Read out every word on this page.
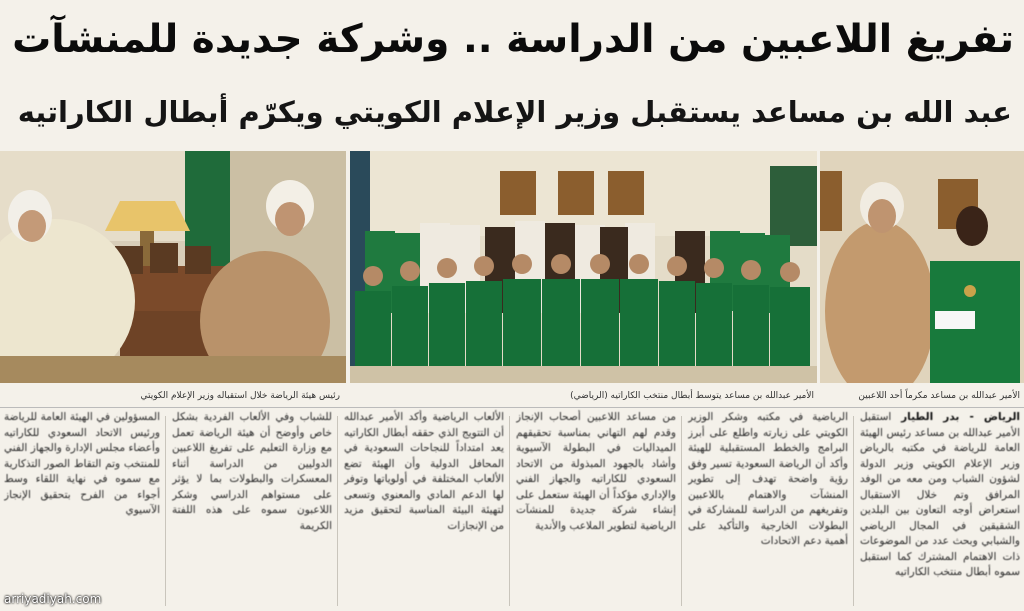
تفريغ اللاعبين من الدراسة .. وشركة جديدة للمنشآت
عبد الله بن مساعد يستقبل وزير الإعلام الكويتي ويكرّم أبطال الكاراتيه
رئيس هيئة الرياضة خلال استقباله وزير الإعلام الكويتي	الأمير عبدالله بن مساعد يتوسط أبطال منتخب الكاراتيه (الرياضي)	الأمير عبدالله بن مساعد مكرماً أحد اللاعبين
الرياض - بدر الطيار استقبل الأمير عبدالله بن مساعد رئيس الهيئة العامة للرياضة في مكتبه بالرياض وزير الإعلام الكويتي وزير الدولة لشؤون الشباب ومن معه من الوفد المرافق وتم خلال الاستقبال استعراض أوجه التعاون بين البلدين الشقيقين في المجال الرياضي والشبابي وبحث عدد من الموضوعات ذات الاهتمام المشترك كما استقبل سموه أبطال منتخب الكاراتيه
الرياضية في مكتبه وشكر الوزير الكويتي على زيارته واطلع على أبرز البرامج والخطط المستقبلية للهيئة وأكد أن الرياضة السعودية تسير وفق رؤية واضحة تهدف إلى تطوير المنشآت والاهتمام باللاعبين وتفريغهم من الدراسة للمشاركة في البطولات الخارجية والتأكيد على أهمية دعم الاتحادات
من مساعد اللاعبين أصحاب الإنجاز وقدم لهم التهاني بمناسبة تحقيقهم الميداليات في البطولة الآسيوية وأشاد بالجهود المبذولة من الاتحاد السعودي للكاراتيه والجهاز الفني والإداري مؤكداً أن الهيئة ستعمل على إنشاء شركة جديدة للمنشآت الرياضية لتطوير الملاعب والأندية
الألعاب الرياضية وأكد الأمير عبدالله أن التتويج الذي حققه أبطال الكاراتيه يعد امتداداً للنجاحات السعودية في المحافل الدولية وأن الهيئة تضع الألعاب المختلفة في أولوياتها وتوفر لها الدعم المادي والمعنوي وتسعى لتهيئة البيئة المناسبة لتحقيق مزيد من الإنجازات
للشباب وفي الألعاب الفردية بشكل خاص وأوضح أن هيئة الرياضة تعمل مع وزارة التعليم على تفريغ اللاعبين الدوليين من الدراسة أثناء المعسكرات والبطولات بما لا يؤثر على مستواهم الدراسي وشكر اللاعبون سموه على هذه اللفتة الكريمة
المسؤولين في الهيئة العامة للرياضة ورئيس الاتحاد السعودي للكاراتيه وأعضاء مجلس الإدارة والجهاز الفني للمنتخب وتم التقاط الصور التذكارية مع سموه في نهاية اللقاء وسط أجواء من الفرح بتحقيق الإنجاز الآسيوي
arriyadiyah.com
